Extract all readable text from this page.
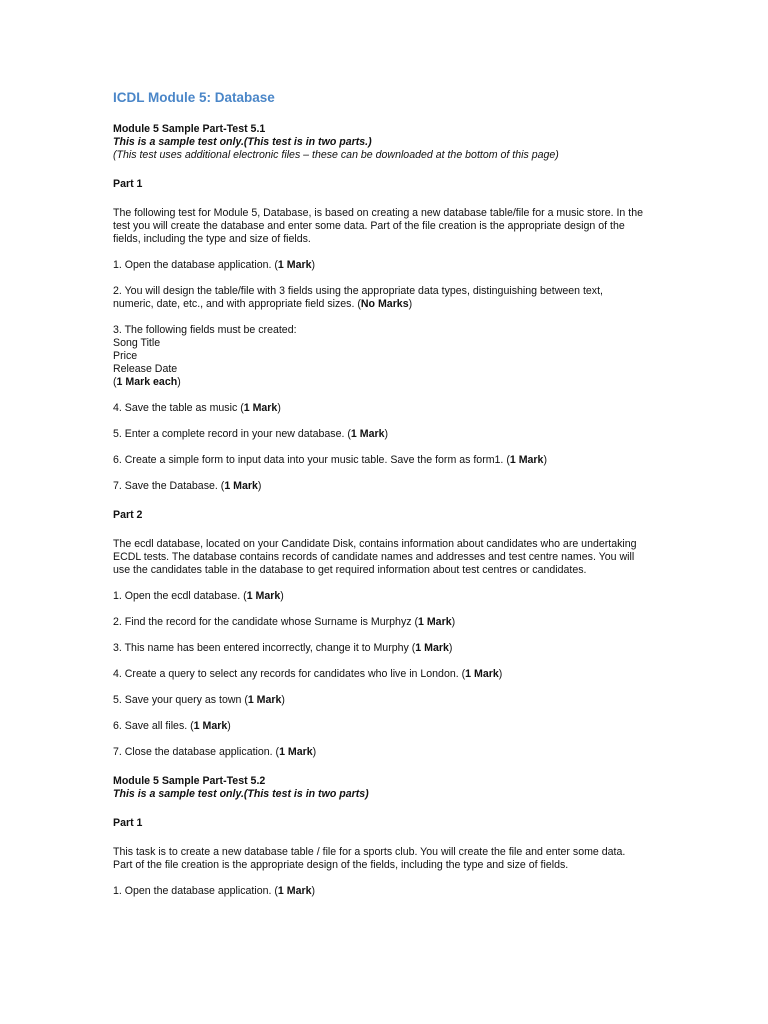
ICDL Module 5: Database
Module 5 Sample Part-Test 5.1
This is a sample test only.(This test is in two parts.)
(This test uses additional electronic files – these can be downloaded at the bottom of this page)
Part 1

The following test for Module 5, Database, is based on creating a new database table/file for a music store. In the test you will create the database and enter some data. Part of the file creation is the appropriate design of the fields, including the type and size of fields.

1. Open the database application. (1 Mark)

2. You will design the table/file with 3 fields using the appropriate data types, distinguishing between text, numeric, date, etc., and with appropriate field sizes. (No Marks)

3. The following fields must be created:
Song Title
Price
Release Date
(1 Mark each)

4. Save the table as music (1 Mark)

5. Enter a complete record in your new database. (1 Mark)

6. Create a simple form to input data into your music table. Save the form as form1. (1 Mark)

7. Save the Database. (1 Mark)

Part 2

The ecdl database, located on your Candidate Disk, contains information about candidates who are undertaking ECDL tests. The database contains records of candidate names and addresses and test centre names. You will use the candidates table in the database to get required information about test centres or candidates.

1. Open the ecdl database. (1 Mark)

2. Find the record for the candidate whose Surname is Murphyz (1 Mark)

3. This name has been entered incorrectly, change it to Murphy (1 Mark)

4. Create a query to select any records for candidates who live in London. (1 Mark)

5. Save your query as town (1 Mark)

6. Save all files. (1 Mark)

7. Close the database application. (1 Mark)

Module 5 Sample Part-Test 5.2
This is a sample test only.(This test is in two parts)
Part 1

This task is to create a new database table / file for a sports club. You will create the file and enter some data. Part of the file creation is the appropriate design of the fields, including the type and size of fields.

1. Open the database application. (1 Mark)
